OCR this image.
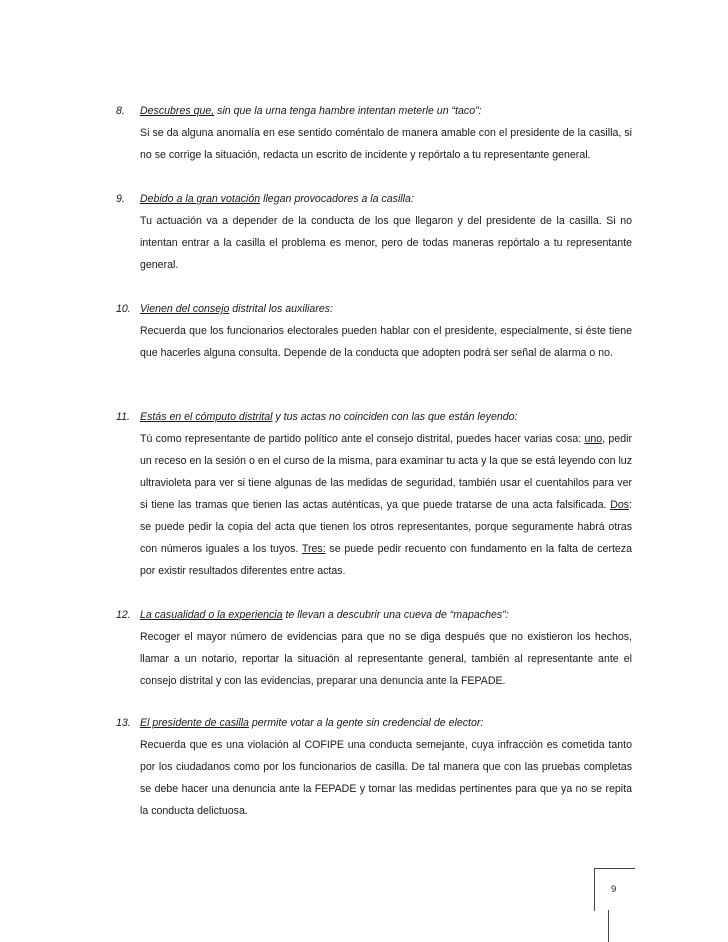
8. Descubres que, sin que la urna tenga hambre intentan meterle un “taco”:
Si se da alguna anomalía en ese sentido coméntalo de manera amable con el presidente de la casilla, si no se corrige la situación, redacta un escrito de incidente y repórtalo a tu representante general.
9. Debido a la gran votación llegan provocadores a la casilla:
Tu actuación va a depender de la conducta de los que llegaron y del presidente de la casilla. Si no intentan entrar a la casilla el problema es menor, pero de todas maneras repórtalo a tu representante general.
10. Vienen del consejo distrital los auxiliares:
Recuerda que los funcionarios electorales pueden hablar con el presidente, especialmente, si éste tiene que hacerles alguna consulta. Depende de la conducta que adopten podrá ser señal de alarma o no.
11. Estás en el cómputo distrital y tus actas no coinciden con las que están leyendo:
Tú como representante de partido político ante el consejo distrital, puedes hacer varias cosa: uno, pedir un receso en la sesión o en el curso de la misma, para examinar tu acta y la que se está leyendo con luz ultravioleta para ver si tiene algunas de las medidas de seguridad, también usar el cuentahilos para ver si tiene las tramas que tienen las actas auténticas, ya que puede tratarse de una acta falsificada. Dos: se puede pedir la copia del acta que tienen los otros representantes, porque seguramente habrá otras con números iguales a los tuyos. Tres: se puede pedir recuento con fundamento en la falta de certeza por existir resultados diferentes entre actas.
12. La casualidad o la experiencia te llevan a descubrir una cueva de “mapaches”:
Recoger el mayor número de evidencias para que no se diga después que no existieron los hechos, llamar a un notario, reportar la situación al representante general, también al representante ante el consejo distrital y con las evidencias, preparar una denuncia ante la FEPADE.
13. El presidente de casilla permite votar a la gente sin credencial de elector:
Recuerda que es una violación al COFIPE una conducta semejante, cuya infracción es cometida tanto por los ciudadanos como por los funcionarios de casilla. De tal manera que con las pruebas completas se debe hacer una denuncia ante la FEPADE y tomar las medidas pertinentes para que ya no se repita la conducta delictuosa.
9
